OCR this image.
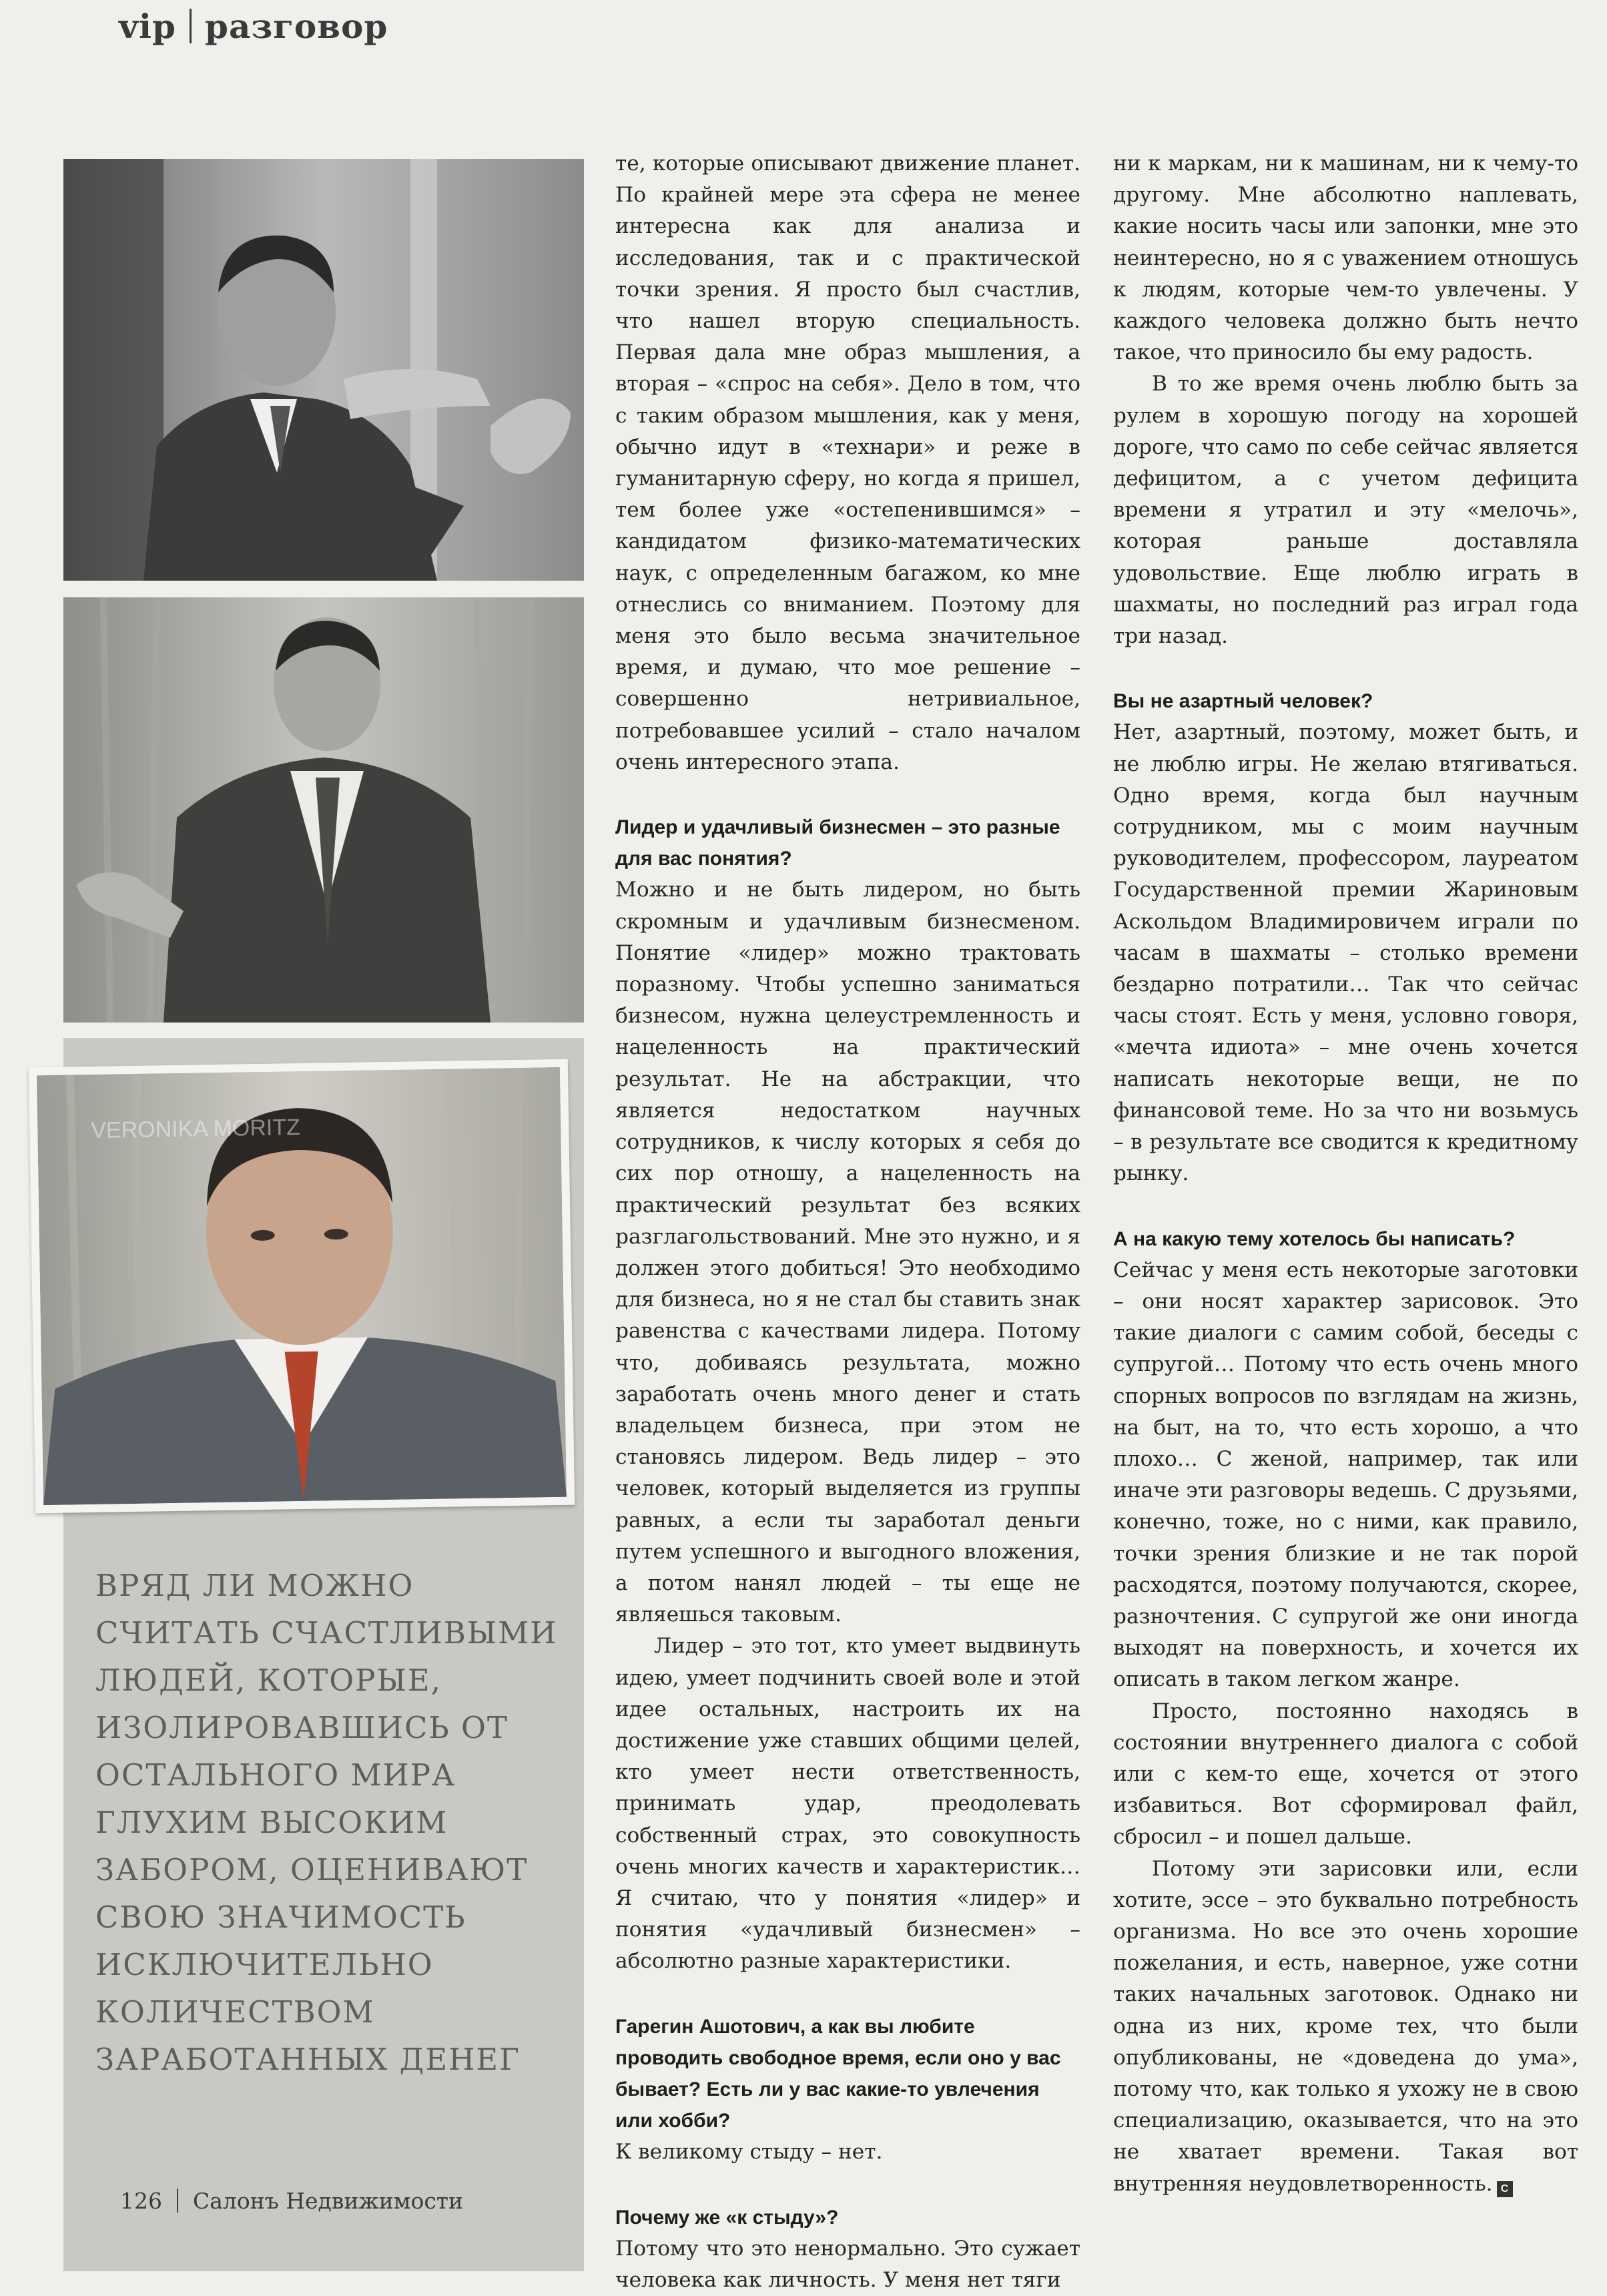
vip разговор
VERONIKA MORITZ

ВРЯД ЛИ МОЖНО СЧИТАТЬ СЧАСТЛИВЫМИ ЛЮДЕЙ, КОТОРЫЕ, ИЗОЛИРОВАВШИСЬ ОТ ОСТАЛЬНОГО МИРА ГЛУХИМ ВЫСОКИМ ЗАБОРОМ, ОЦЕНИВАЮТ СВОЮ ЗНАЧИМОСТЬ ИСКЛЮЧИТЕЛЬНО КОЛИЧЕСТВОМ ЗАРАБОТАННЫХ ДЕНЕГ

126 Салонъ Недвижимости

те, которые описывают движение планет. По крайней мере эта сфера не менее интересна как для анализа и исследования, так и с практической точки зрения. Я просто был счастлив, что нашел вторую специальность. Первая дала мне образ мышления, а вторая – «спрос на себя». Дело в том, что с таким образом мышления, как у меня, обычно идут в «технари» и реже в гуманитарную сферу, но когда я пришел, тем более уже «остепенившимся» – кандидатом физико-математических наук, с определенным багажом, ко мне отнеслись со вниманием. Поэтому для меня это было весьма значительное время, и думаю, что мое решение – совершенно нетривиальное, потребовавшее усилий – стало началом очень интересного этапа.

Лидер и удачливый бизнесмен – это разные для вас понятия?

Можно и не быть лидером, но быть скромным и удачливым бизнесменом. Понятие «лидер» можно трактовать поразному. Чтобы успешно заниматься бизнесом, нужна целеустремленность и нацеленность на практический результат. Не на абстракции, что является недостатком научных сотрудников, к числу которых я себя до сих пор отношу, а нацеленность на практический результат без всяких разглагольствований. Мне это нужно, и я должен этого добиться! Это необходимо для бизнеса, но я не стал бы ставить знак равенства с качествами лидера. Потому что, добиваясь результата, можно заработать очень много денег и стать владельцем бизнеса, при этом не становясь лидером. Ведь лидер – это человек, который выделяется из группы равных, а если ты заработал деньги путем успешного и выгодного вложения, а потом нанял людей – ты еще не являешься таковым.

Лидер – это тот, кто умеет выдвинуть идею, умеет подчинить своей воле и этой идее остальных, настроить их на достижение уже ставших общими целей, кто умеет нести ответственность, принимать удар, преодолевать собственный страх, это совокупность очень многих качеств и характеристик… Я считаю, что у понятия «лидер» и понятия «удачливый бизнесмен» – абсолютно разные характеристики.

Гарегин Ашотович, а как вы любите проводить свободное время, если оно у вас бывает? Есть ли у вас какие-то увлечения или хобби?

К великому стыду – нет.

Почему же «к стыду»?

Потому что это ненормально. Это сужает человека как личность. У меня нет тяги

ни к маркам, ни к машинам, ни к чему-то другому. Мне абсолютно наплевать, какие носить часы или запонки, мне это неинтересно, но я с уважением отношусь к людям, которые чем-то увлечены. У каждого человека должно быть нечто такое, что приносило бы ему радость.

В то же время очень люблю быть за рулем в хорошую погоду на хорошей дороге, что само по себе сейчас является дефицитом, а с учетом дефицита времени я утратил и эту «мелочь», которая раньше доставляла удовольствие. Еще люблю играть в шахматы, но последний раз играл года три назад.

Вы не азартный человек?

Нет, азартный, поэтому, может быть, и не люблю игры. Не желаю втягиваться. Одно время, когда был научным сотрудником, мы с моим научным руководителем, профессором, лауреатом Государственной премии Жариновым Аскольдом Владимировичем играли по часам в шахматы – столько времени бездарно потратили… Так что сейчас часы стоят. Есть у меня, условно говоря, «мечта идиота» – мне очень хочется написать некоторые вещи, не по финансовой теме. Но за что ни возьмусь – в результате все сводится к кредитному рынку.

А на какую тему хотелось бы написать?

Сейчас у меня есть некоторые заготовки – они носят характер зарисовок. Это такие диалоги с самим собой, беседы с супругой… Потому что есть очень много спорных вопросов по взглядам на жизнь, на быт, на то, что есть хорошо, а что плохо… С женой, например, так или иначе эти разговоры ведешь. С друзьями, конечно, тоже, но с ними, как правило, точки зрения близкие и не так порой расходятся, поэтому получаются, скорее, разночтения. С супругой же они иногда выходят на поверхность, и хочется их описать в таком легком жанре.

Просто, постоянно находясь в состоянии внутреннего диалога с собой или с кем-то еще, хочется от этого избавиться. Вот сформировал файл, сбросил – и пошел дальше.

Потому эти зарисовки или, если хотите, эссе – это буквально потребность организма. Но все это очень хорошие пожелания, и есть, наверное, уже сотни таких начальных заготовок. Однако ни одна из них, кроме тех, что были опубликованы, не «доведена до ума», потому что, как только я ухожу не в свою специализацию, оказывается, что на это не хватает времени. Такая вот внутренняя неудовлетворенность. С
